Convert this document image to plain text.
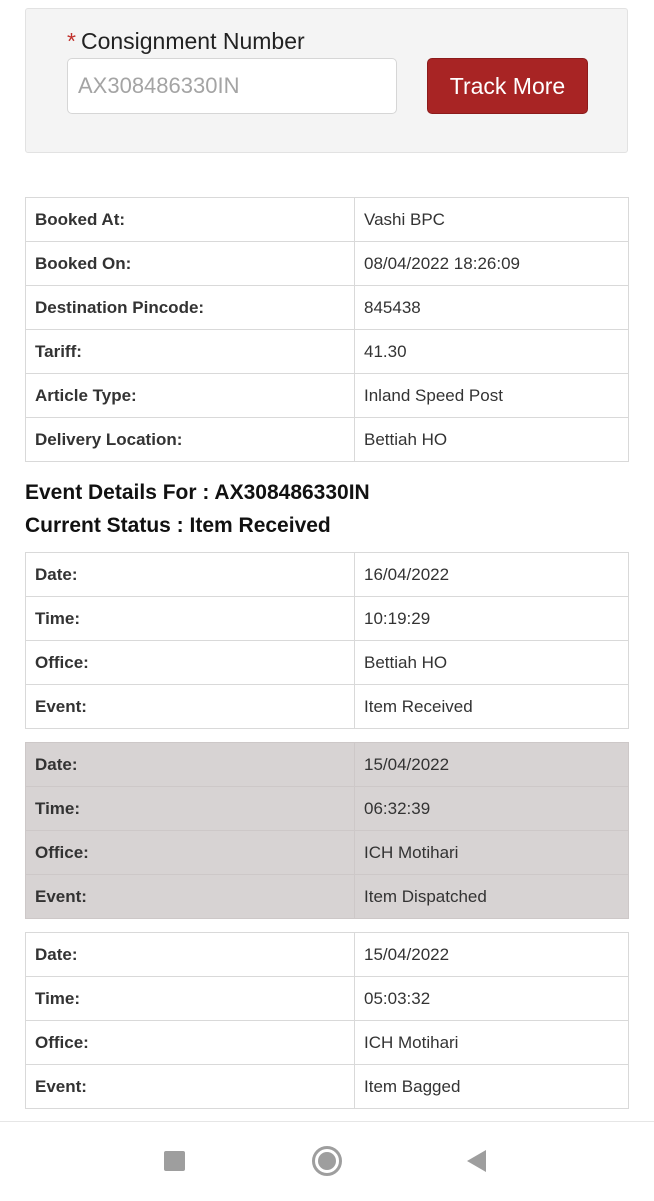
* Consignment Number
AX308486330IN
Track More
Booked At:	Vashi BPC
Booked On:	08/04/2022 18:26:09
Destination Pincode:	845438
Tariff:	41.30
Article Type:	Inland Speed Post
Delivery Location:	Bettiah HO
Event Details For : AX308486330IN
Current Status : Item Received
Date:	16/04/2022
Time:	10:19:29
Office:	Bettiah HO
Event:	Item Received
Date:	15/04/2022
Time:	06:32:39
Office:	ICH Motihari
Event:	Item Dispatched
Date:	15/04/2022
Time:	05:03:32
Office:	ICH Motihari
Event:	Item Bagged
